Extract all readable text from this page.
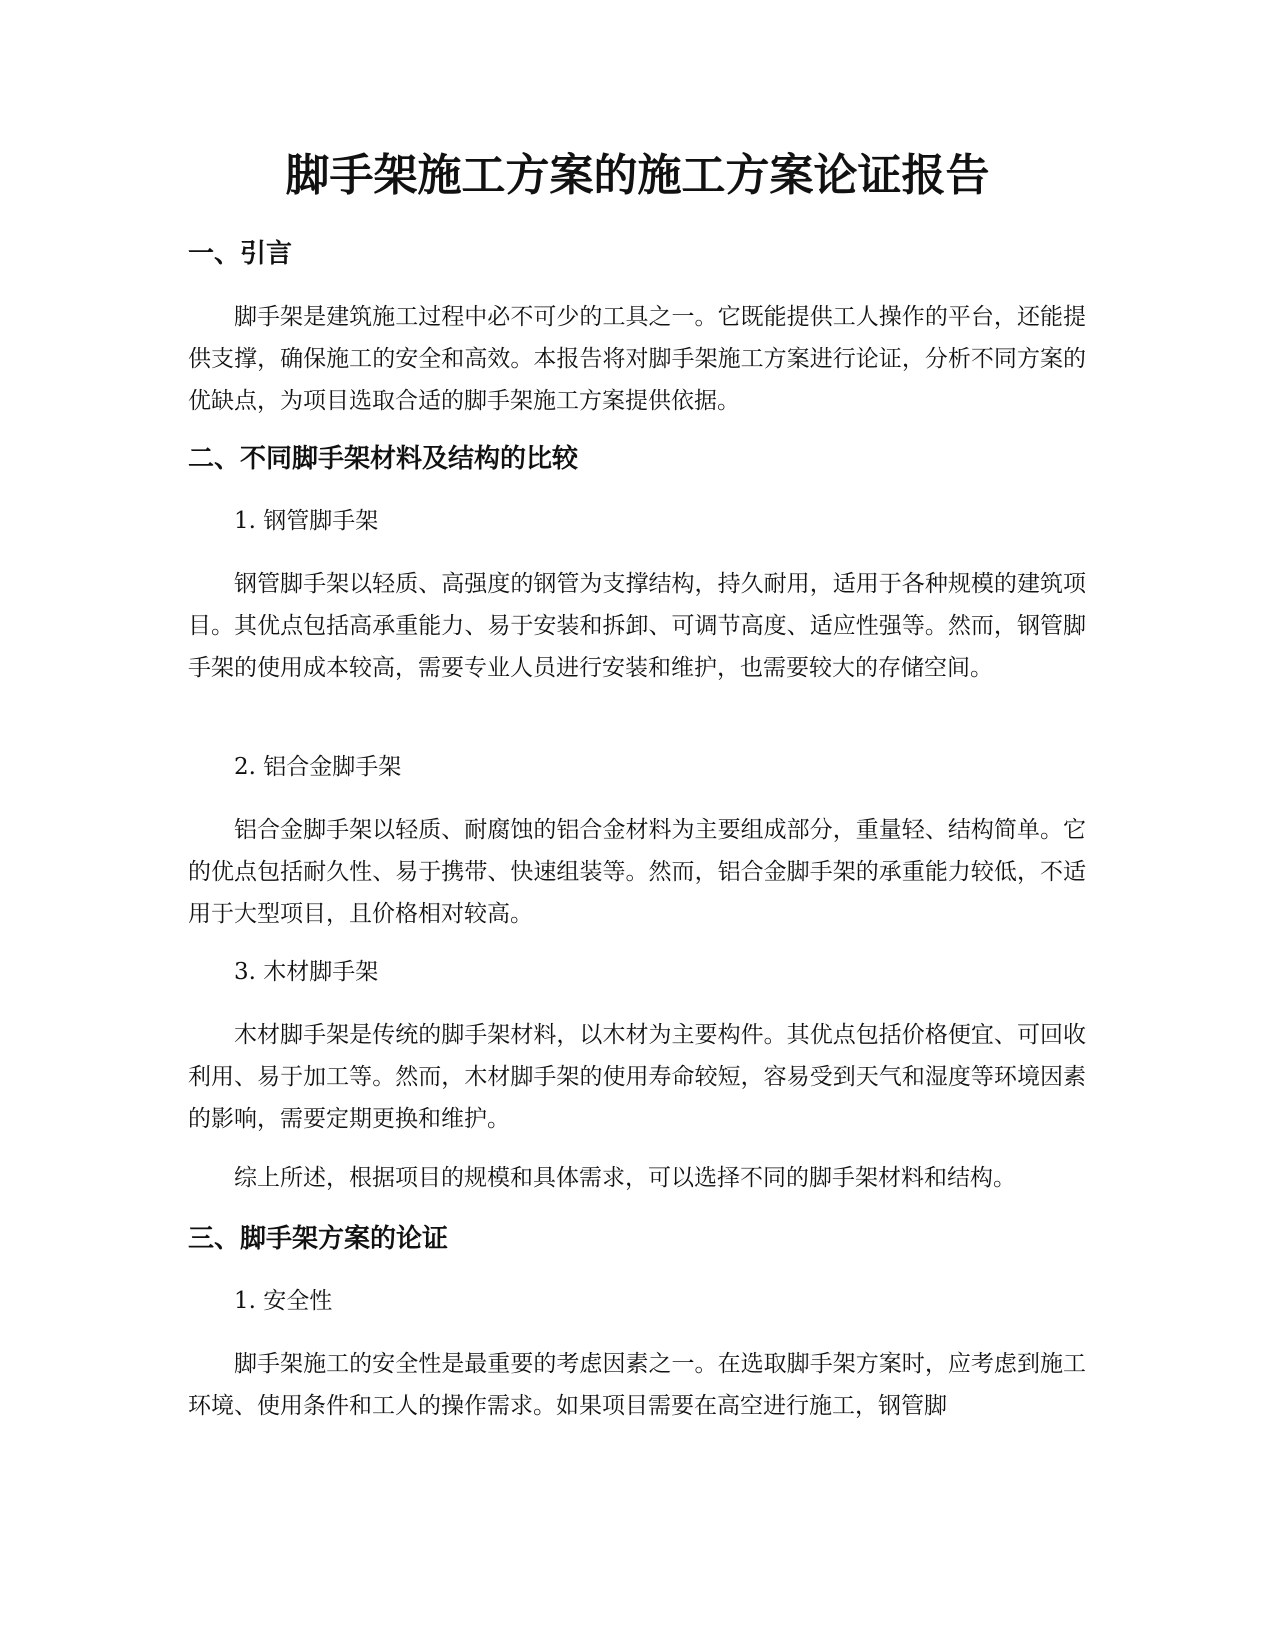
脚手架施工方案的施工方案论证报告
一、引言

脚手架是建筑施工过程中必不可少的工具之一。它既能提供工人操作的平台，还能提供支撑，确保施工的安全和高效。本报告将对脚手架施工方案进行论证，分析不同方案的优缺点，为项目选取合适的脚手架施工方案提供依据。

二、不同脚手架材料及结构的比较

1. 钢管脚手架

钢管脚手架以轻质、高强度的钢管为支撑结构，持久耐用，适用于各种规模的建筑项目。其优点包括高承重能力、易于安装和拆卸、可调节高度、适应性强等。然而，钢管脚手架的使用成本较高，需要专业人员进行安装和维护，也需要较大的存储空间。

2. 铝合金脚手架

铝合金脚手架以轻质、耐腐蚀的铝合金材料为主要组成部分，重量轻、结构简单。它的优点包括耐久性、易于携带、快速组装等。然而，铝合金脚手架的承重能力较低，不适用于大型项目，且价格相对较高。

3. 木材脚手架

木材脚手架是传统的脚手架材料，以木材为主要构件。其优点包括价格便宜、可回收利用、易于加工等。然而，木材脚手架的使用寿命较短，容易受到天气和湿度等环境因素的影响，需要定期更换和维护。

综上所述，根据项目的规模和具体需求，可以选择不同的脚手架材料和结构。

三、脚手架方案的论证

1. 安全性

脚手架施工的安全性是最重要的考虑因素之一。在选取脚手架方案时，应考虑到施工环境、使用条件和工人的操作需求。如果项目需要在高空进行施工，钢管脚
